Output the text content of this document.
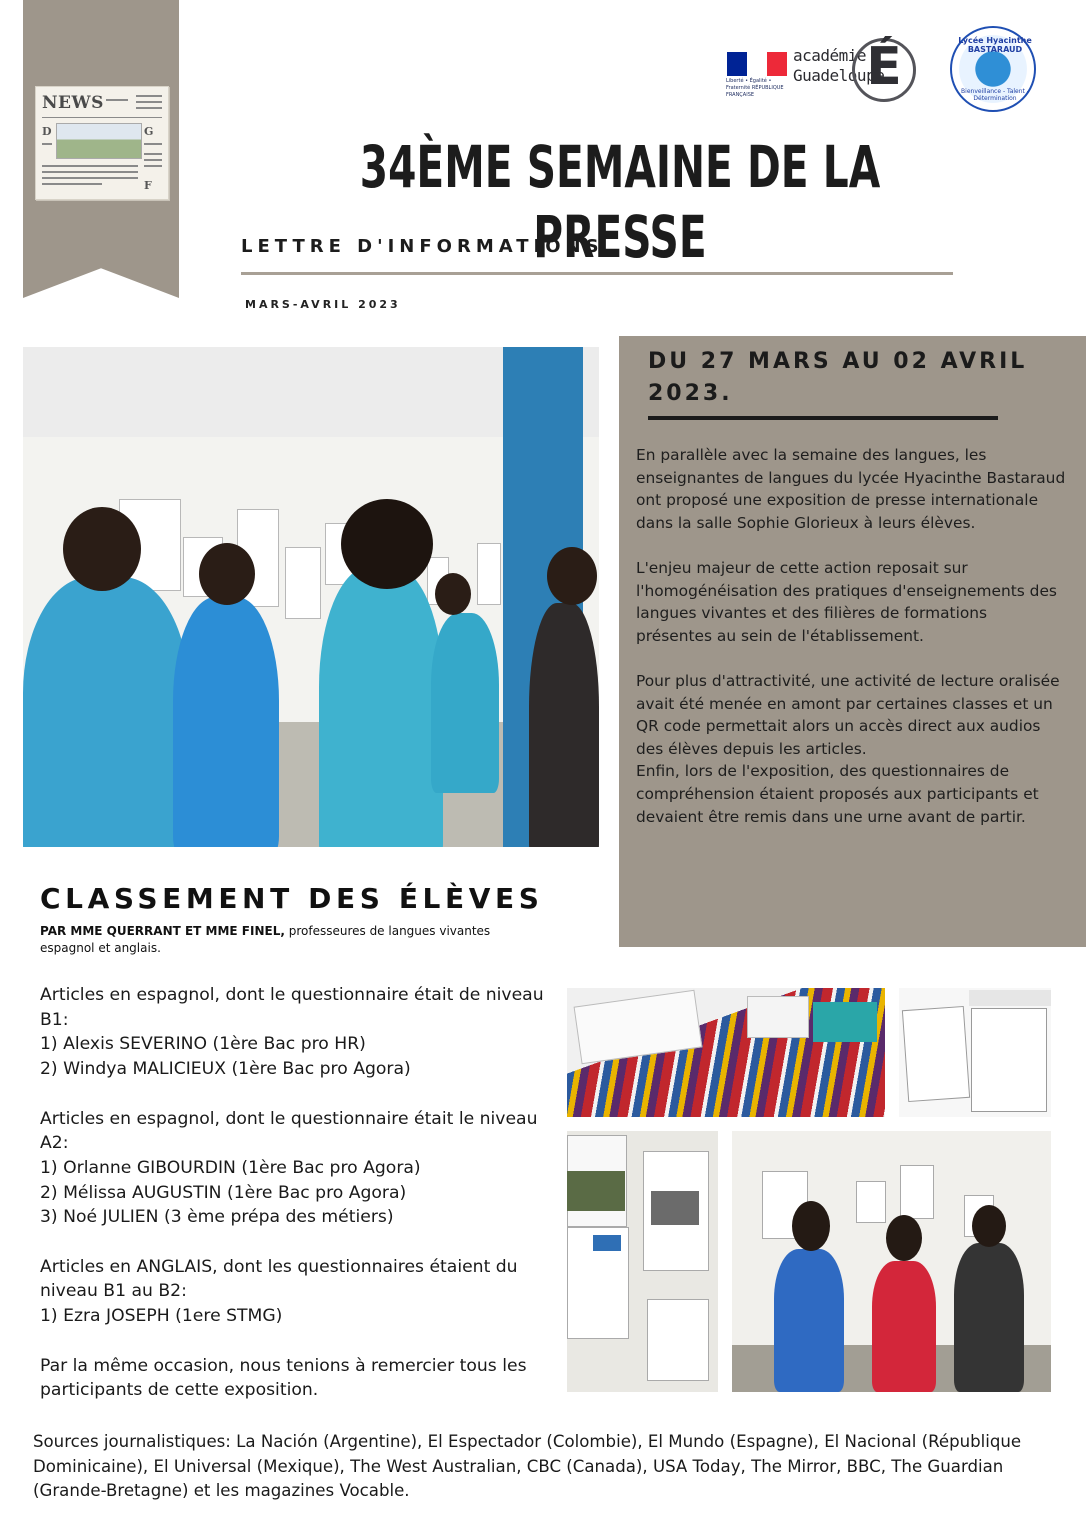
NEWS
D	G
F
Liberté • Égalité • Fraternité RÉPUBLIQUE FRANÇAISE
académie
Guadeloupe
É	Lycée Hyacinthe BASTARAUD
Bienveillance - Talent - Détermination
34ÈME SEMAINE DE LA PRESSE
LETTRE D'INFORMATIONS
MARS-AVRIL 2023
DU 27 MARS AU 02 AVRIL 2023.

En parallèle avec la semaine des langues, les enseignantes de langues du lycée Hyacinthe Bastaraud ont proposé une exposition de presse internationale dans la salle Sophie Glorieux à leurs élèves.

L'enjeu majeur de cette action reposait sur l'homogénéisation des pratiques d'enseignements des langues vivantes et des filières de formations présentes au sein de l'établissement.

Pour plus d'attractivité, une activité de lecture oralisée avait été menée en amont par certaines classes et un QR code permettait alors un accès direct aux audios des élèves depuis les articles.

Enfin, lors de l'exposition, des questionnaires de compréhension étaient proposés aux participants et devaient être remis dans une urne avant de partir.

CLASSEMENT DES ÉLÈVES
PAR MME QUERRANT ET MME FINEL, professeures de langues vivantes espagnol et anglais.

Articles en espagnol, dont le questionnaire était de niveau B1:
1) Alexis SEVERINO (1ère Bac pro HR)
2) Windya MALICIEUX (1ère Bac pro Agora)

Articles en espagnol, dont le questionnaire était le niveau A2:
1) Orlanne GIBOURDIN (1ère Bac pro Agora)
2) Mélissa AUGUSTIN (1ère Bac pro Agora)
3) Noé JULIEN (3 ème prépa des métiers)

Articles en ANGLAIS, dont les questionnaires étaient du niveau B1 au B2:
1) Ezra JOSEPH (1ere STMG)

Par la même occasion, nous tenions à remercier tous les participants de cette exposition.

Sources journalistiques: La Nación (Argentine), El Espectador (Colombie), El Mundo (Espagne), El Nacional (République Dominicaine), El Universal (Mexique), The West Australian, CBC (Canada), USA Today, The Mirror, BBC, The Guardian (Grande-Bretagne) et les magazines Vocable.
